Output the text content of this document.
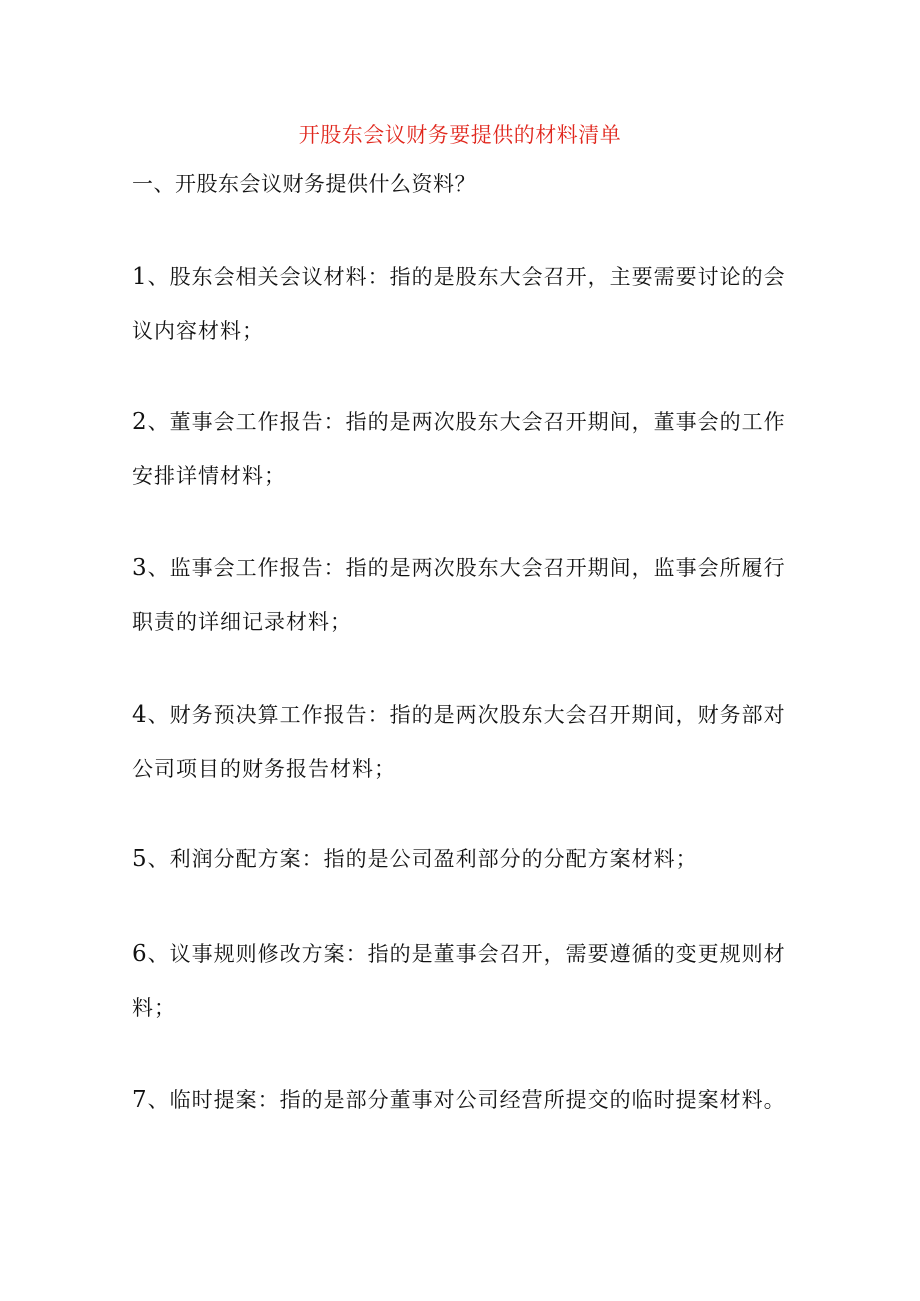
开股东会议财务要提供的材料清单
一、开股东会议财务提供什么资料？

1、股东会相关会议材料：指的是股东大会召开，主要需要讨论的会议内容材料；

2、董事会工作报告：指的是两次股东大会召开期间，董事会的工作安排详情材料；

3、监事会工作报告：指的是两次股东大会召开期间，监事会所履行职责的详细记录材料；

4、财务预决算工作报告：指的是两次股东大会召开期间，财务部对公司项目的财务报告材料；

5、利润分配方案：指的是公司盈利部分的分配方案材料；

6、议事规则修改方案：指的是董事会召开，需要遵循的变更规则材料；

7、临时提案：指的是部分董事对公司经营所提交的临时提案材料。
